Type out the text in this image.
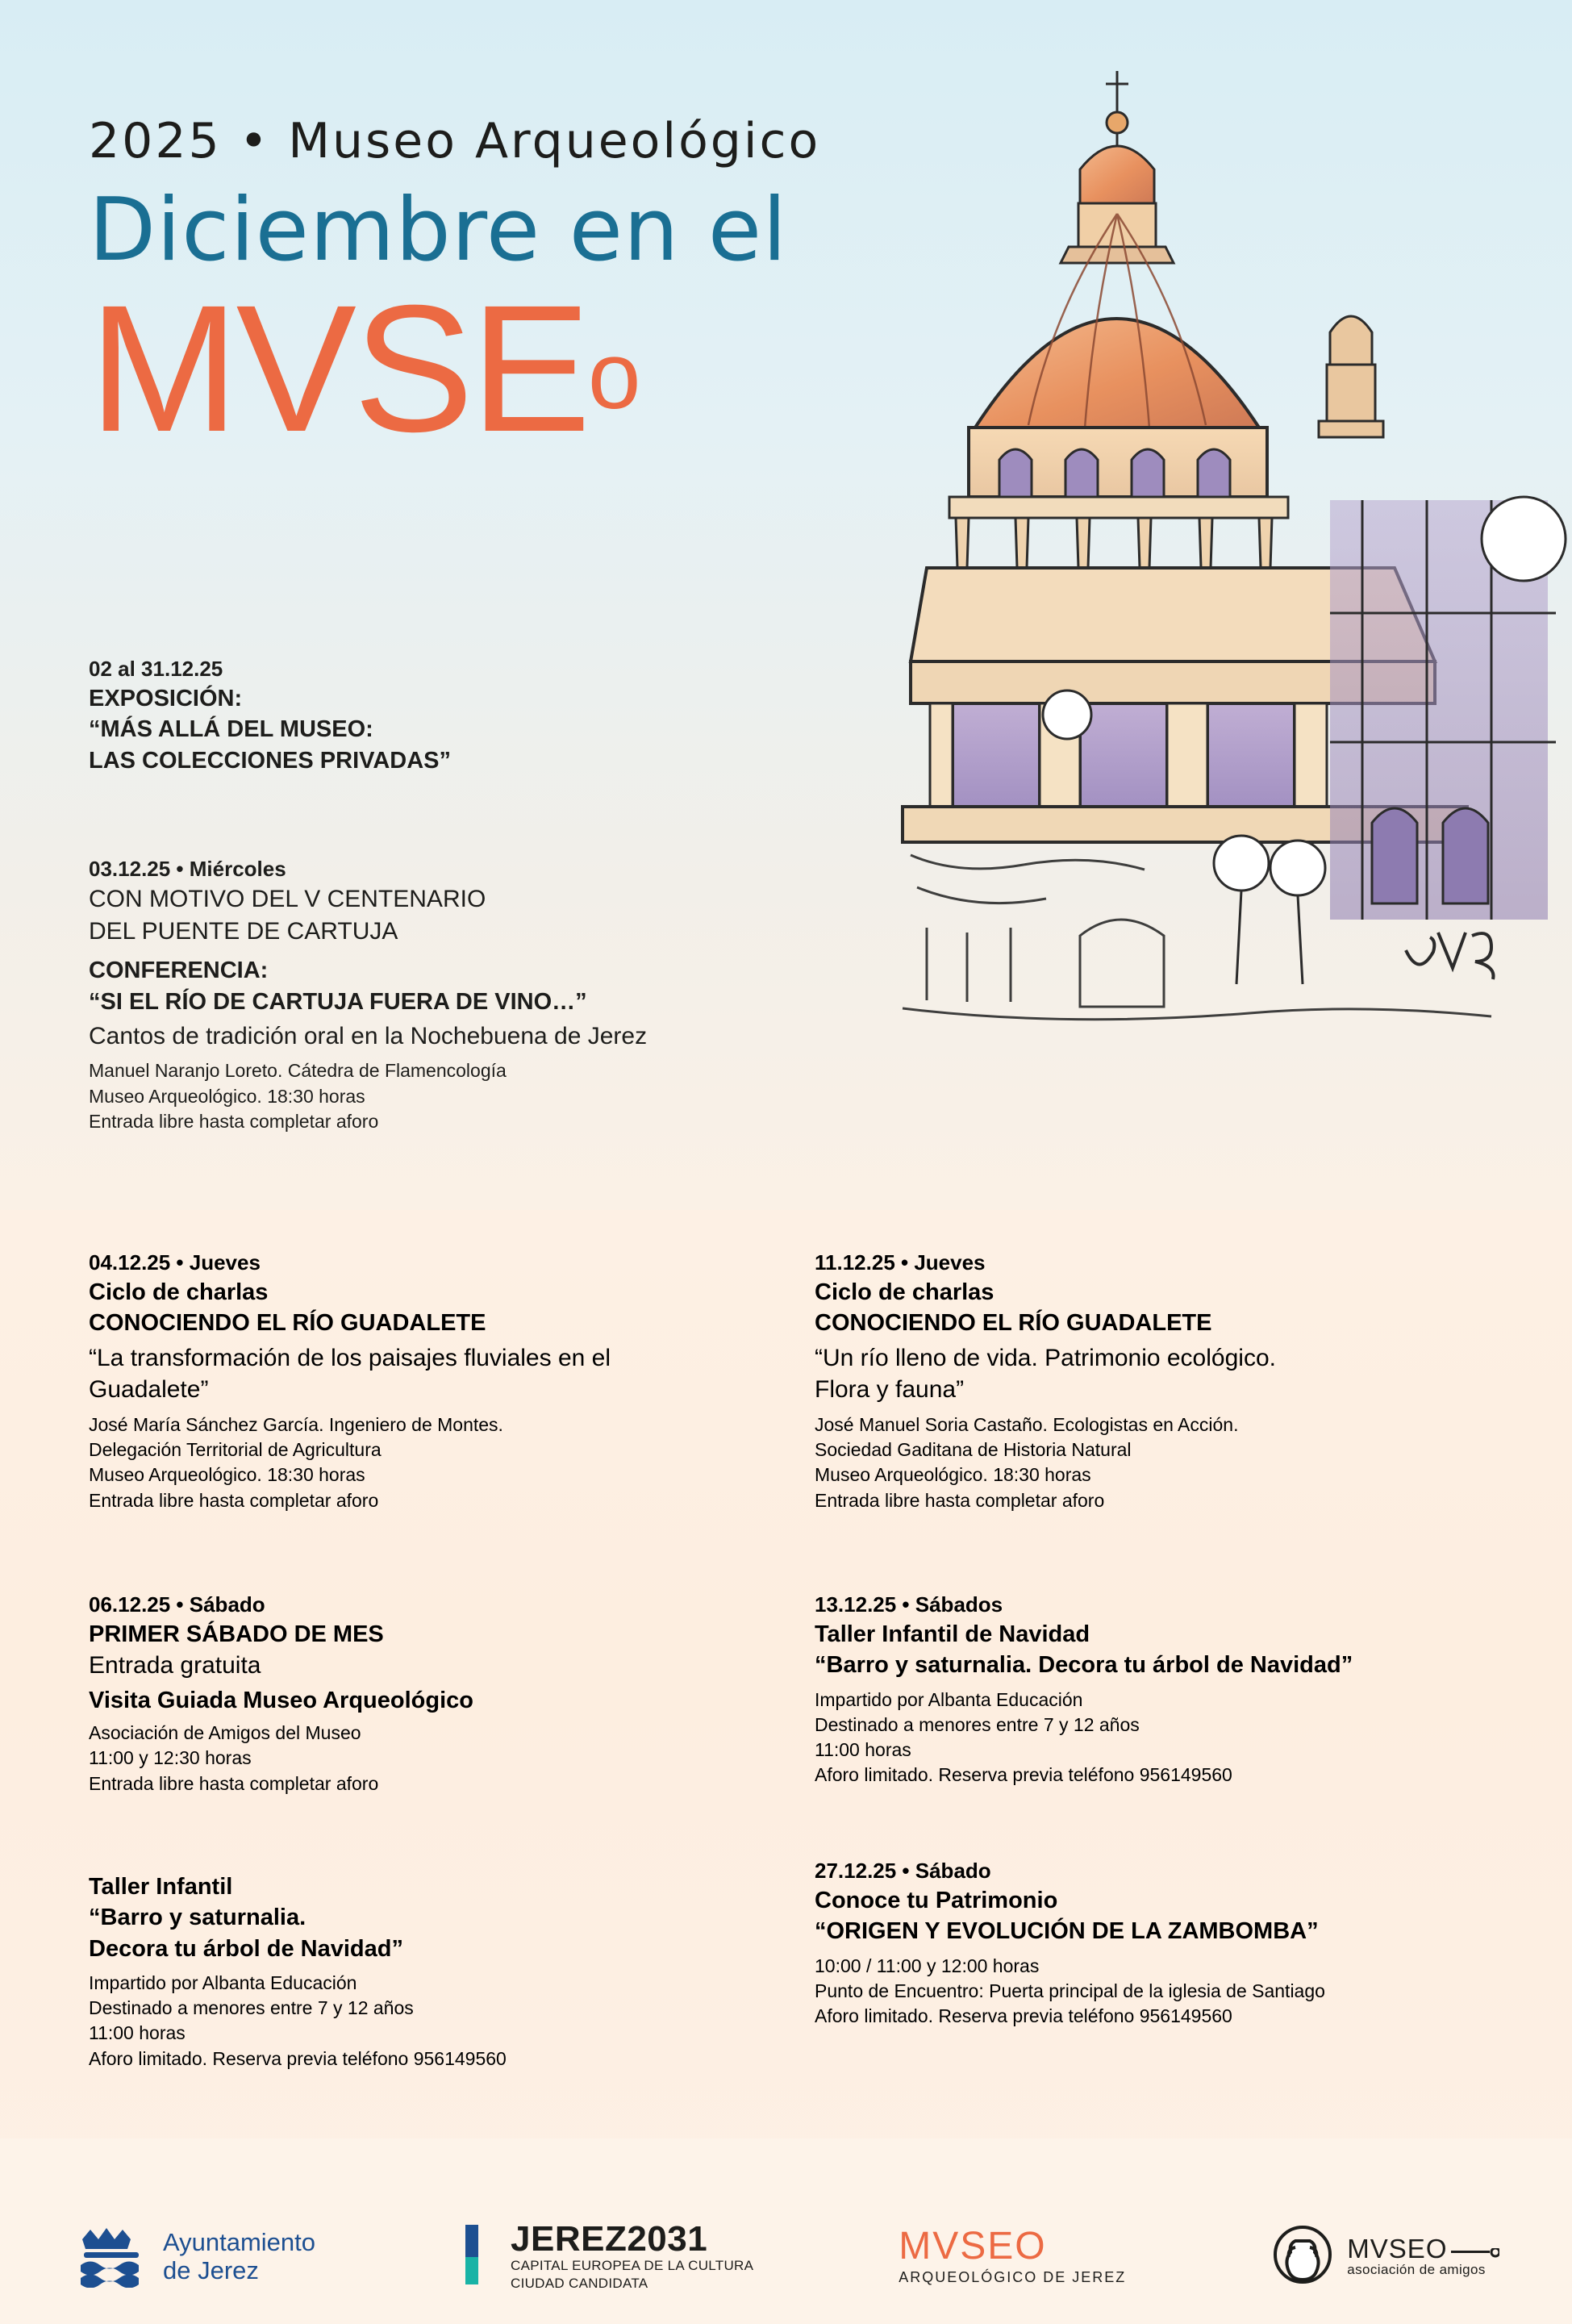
2025 • Museo Arqueológico
Diciembre en el
MVSEo
02 al 31.12.25
EXPOSICIÓN:
“MÁS ALLÁ DEL MUSEO:
LAS COLECCIONES PRIVADAS”
03.12.25 • Miércoles
CON MOTIVO DEL V CENTENARIO
DEL PUENTE DE CARTUJA
CONFERENCIA:
“SI EL RÍO DE CARTUJA FUERA DE VINO…”
Cantos de tradición oral en la Nochebuena de Jerez
Manuel Naranjo Loreto. Cátedra de Flamencología
Museo Arqueológico. 18:30 horas
Entrada libre hasta completar aforo
04.12.25 • Jueves
Ciclo de charlas
CONOCIENDO EL RÍO GUADALETE
“La transformación de los paisajes fluviales en el
Guadalete”
José María Sánchez García. Ingeniero de Montes.
Delegación Territorial de Agricultura
Museo Arqueológico. 18:30 horas
Entrada libre hasta completar aforo
06.12.25 • Sábado
PRIMER SÁBADO DE MES
Entrada gratuita
Visita Guiada Museo Arqueológico
Asociación de Amigos del Museo
11:00 y 12:30 horas
Entrada libre hasta completar aforo
Taller Infantil
“Barro y saturnalia.
Decora tu árbol de Navidad”
Impartido por Albanta Educación
Destinado a menores entre 7 y 12 años
11:00 horas
Aforo limitado. Reserva previa teléfono 956149560
11.12.25 • Jueves
Ciclo de charlas
CONOCIENDO EL RÍO GUADALETE
“Un río lleno de vida. Patrimonio ecológico.
Flora y fauna”
José Manuel Soria Castaño. Ecologistas en Acción.
Sociedad Gaditana de Historia Natural
Museo Arqueológico. 18:30 horas
Entrada libre hasta completar aforo
13.12.25 • Sábados
Taller Infantil de Navidad
“Barro y saturnalia. Decora tu árbol de Navidad”
Impartido por Albanta Educación
Destinado a menores entre 7 y 12 años
11:00 horas
Aforo limitado. Reserva previa teléfono 956149560
27.12.25 • Sábado
Conoce tu Patrimonio
“ORIGEN Y EVOLUCIÓN DE LA ZAMBOMBA”
10:00 / 11:00 y 12:00 horas
Punto de Encuentro: Puerta principal de la iglesia de Santiago
Aforo limitado. Reserva previa teléfono 956149560
Ayuntamiento
de Jerez
JEREZ2031
CAPITAL EUROPEA DE LA CULTURA
CIUDAD CANDIDATA
MVSEO
ARQUEOLÓGICO DE JEREZ
MVSEO
asociación de amigos
